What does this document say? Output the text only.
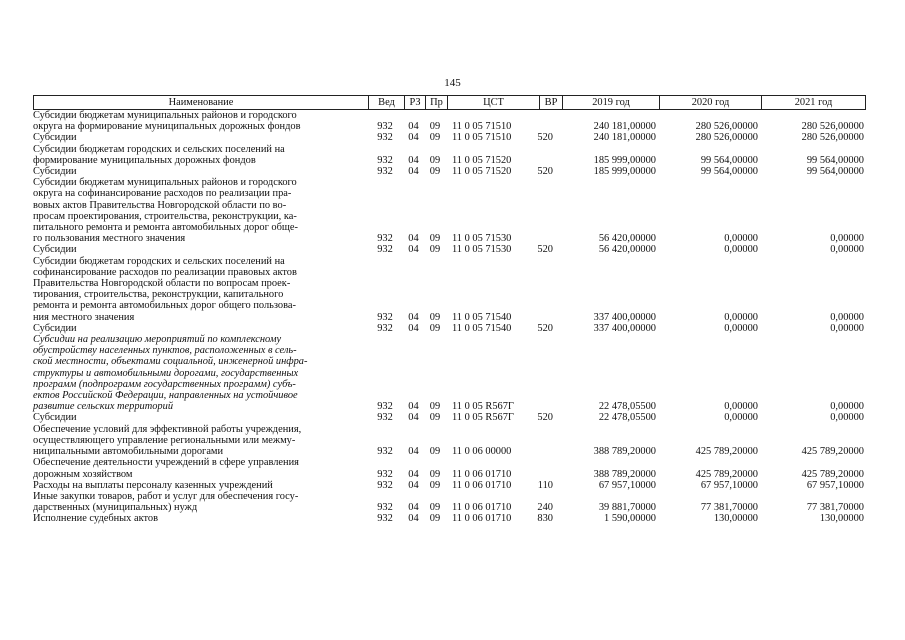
145
Наименование	Вед	РЗ Пр	ЦСТ	ВР	2019 год	2020 год	2021 год
Субсидии бюджетам муниципальных районов и городского
округа на формирование муниципальных дорожных фондов	932	04	09	11 0 05 71510	240 181,00000	280 526,00000	280 526,00000
Субсидии	932	04	09	11 0 05 71510	520	240 181,00000	280 526,00000	280 526,00000
Субсидии бюджетам городских и сельских поселений на
формирование муниципальных дорожных фондов	932	04	09	11 0 05 71520	185 999,00000	99 564,00000	99 564,00000
Субсидии	932	04	09	11 0 05 71520	520	185 999,00000	99 564,00000	99 564,00000
Субсидии бюджетам муниципальных районов и городского
округа на софинансирование расходов по реализации пра-
вовых актов Правительства Новгородской области по во-
просам проектирования, строительства, реконструкции, ка-
питального ремонта и ремонта автомобильных дорог обще-
го пользования местного значения	932	04	09	11 0 05 71530	56 420,00000	0,00000	0,00000
Субсидии	932	04	09	11 0 05 71530	520	56 420,00000	0,00000	0,00000
Субсидии бюджетам городских и сельских поселений на
софинансирование расходов по реализации правовых актов
Правительства Новгородской области по вопросам проек-
тирования, строительства, реконструкции, капитального
ремонта и ремонта автомобильных дорог общего пользова-
ния местного значения	932	04	09	11 0 05 71540	337 400,00000	0,00000	0,00000
Субсидии	932	04	09	11 0 05 71540	520	337 400,00000	0,00000	0,00000
Субсидии на реализацию мероприятий по комплексному
обустройству населенных пунктов, расположенных в сель-
ской местности, объектами социальной, инженерной инфра-
структуры и автомобильными дорогами, государственных
программ (подпрограмм государственных программ) субъ-
ектов Российской Федерации, направленных на устойчивое
развитие сельских территорий	932	04	09	11 0 05 R567Г	22 478,05500	0,00000	0,00000
Субсидии	932	04	09	11 0 05 R567Г	520	22 478,05500	0,00000	0,00000
Обеспечение условий для эффективной работы учреждения,
осуществляющего управление региональными или межму-
ниципальными автомобильными дорогами	932	04	09	11 0 06 00000	388 789,20000	425 789,20000	425 789,20000
Обеспечение деятельности учреждений в сфере управления
дорожным хозяйством	932	04	09	11 0 06 01710	388 789,20000	425 789,20000	425 789,20000
Расходы на выплаты персоналу казенных учреждений	932	04	09	11 0 06 01710	110	67 957,10000	67 957,10000	67 957,10000
Иные закупки товаров, работ и услуг для обеспечения госу-
дарственных (муниципальных) нужд	932	04	09	11 0 06 01710	240	39 881,70000	77 381,70000	77 381,70000
Исполнение судебных актов	932	04	09	11 0 06 01710	830	1 590,00000	130,00000	130,00000
